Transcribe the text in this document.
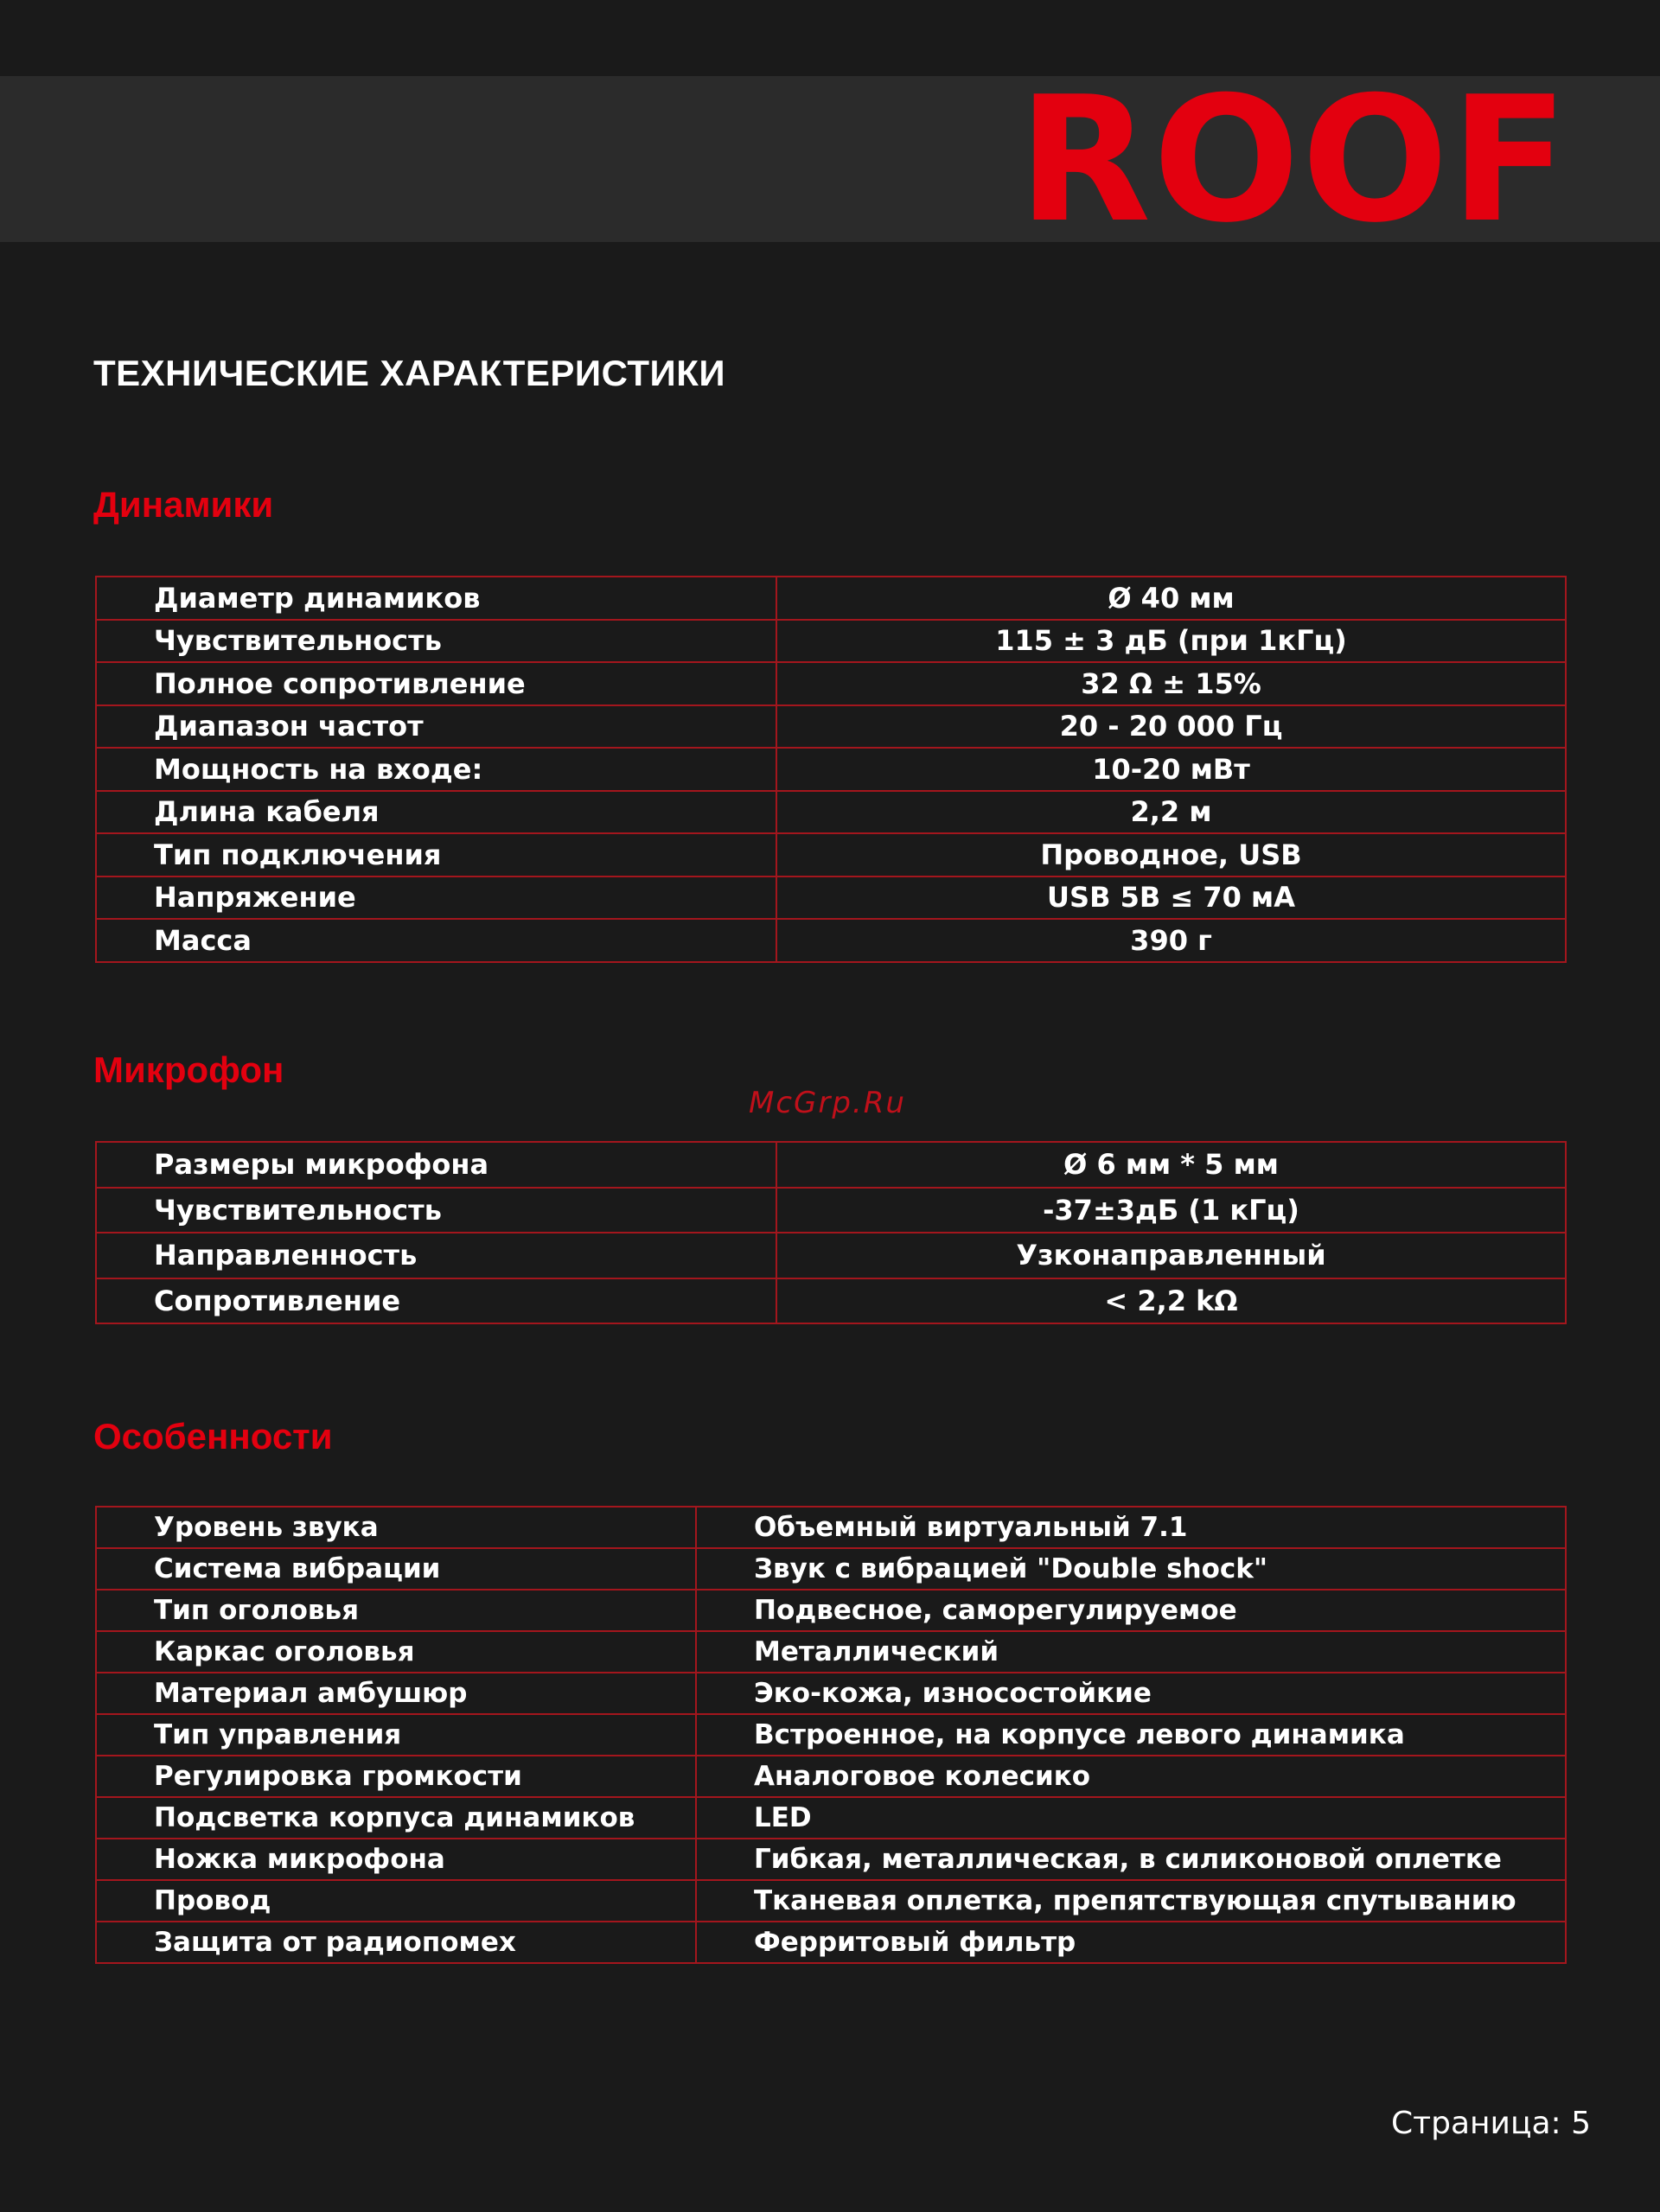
ROOF
ТЕХНИЧЕСКИЕ ХАРАКТЕРИСТИКИ
Динамики
Диаметр динамиков	Ø 40 мм
Чувствительность	115 ± 3 дБ (при 1кГц)
Полное сопротивление	32 Ω ± 15%
Диапазон частот	20 - 20 000 Гц
Мощность на входе:	10-20 мВт
Длина кабеля	2,2 м
Тип подключения	Проводное, USB
Напряжение	USB 5В ≤ 70 мА
Масса	390 г
Микрофон
McGrp.Ru
Размеры микрофона	Ø 6 мм * 5 мм
Чувствительность	-37±3дБ (1 кГц)
Направленность	Узконаправленный
Сопротивление	< 2,2 kΩ
Особенности
Уровень звука	Объемный виртуальный 7.1
Система вибрации	Звук с вибрацией "Double shock"
Тип оголовья	Подвесное, саморегулируемое
Каркас оголовья	Металлический
Материал амбушюр	Эко-кожа, износостойкие
Тип управления	Встроенное, на корпусе левого динамика
Регулировка громкости	Аналоговое колесико
Подсветка корпуса динамиков	LED
Ножка микрофона	Гибкая, металлическая, в силиконовой оплетке
Провод	Тканевая оплетка, препятствующая спутыванию
Защита от радиопомех	Ферритовый фильтр
Страница: 5
